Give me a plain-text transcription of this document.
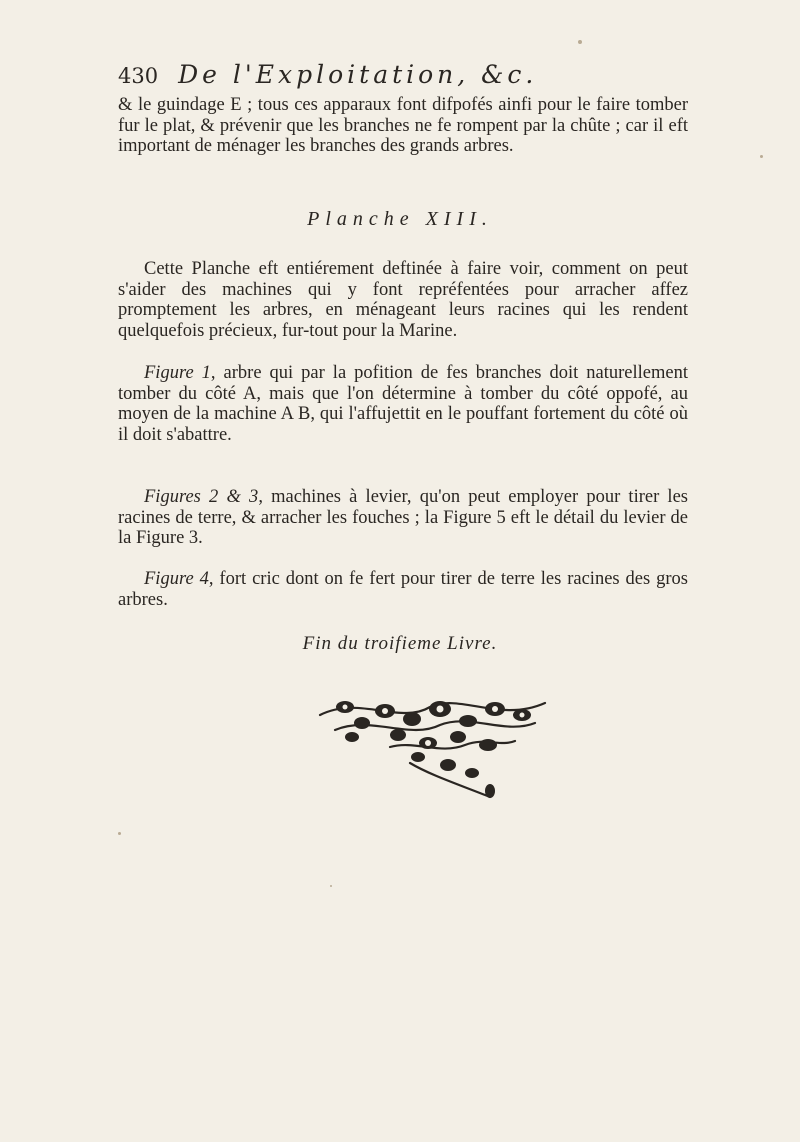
430 De l'Exploitation, &c.
& le guindage E ; tous ces apparaux font difpofés ainfi pour le faire tomber fur le plat, & prévenir que les branches ne fe rompent par la chûte ; car il eft important de ménager les branches des grands arbres.
Planche XIII.
Cette Planche eft entiérement deftinée à faire voir, comment on peut s'aider des machines qui y font repréfentées pour arracher affez promptement les arbres, en ménageant leurs racines qui les rendent quelquefois précieux, fur-tout pour la Marine.
Figure 1, arbre qui par la pofition de fes branches doit naturellement tomber du côté A, mais que l'on détermine à tomber du côté oppofé, au moyen de la machine A B, qui l'affujettit en le pouffant fortement du côté où il doit s'abattre.
Figures 2 & 3, machines à levier, qu'on peut employer pour tirer les racines de terre, & arracher les fouches ; la Figure 5 eft le détail du levier de la Figure 3.
Figure 4, fort cric dont on fe fert pour tirer de terre les racines des gros arbres.
Fin du troifieme Livre.
